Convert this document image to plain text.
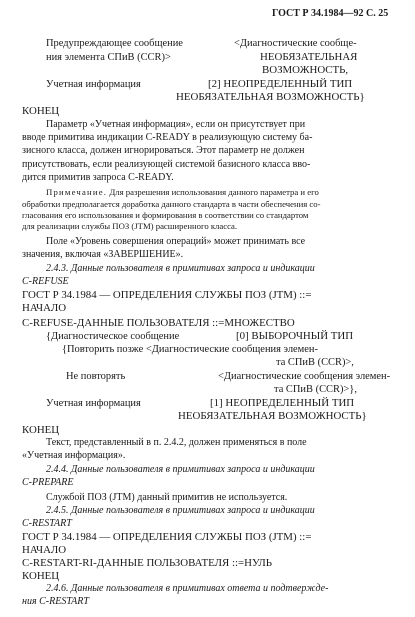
ГОСТ Р 34.1984—92 С. 25
Предупреждающее сообщение	<Диагностические сообще-
ния элемента СПиВ (CCR)>	НЕОБЯЗАТЕЛЬНАЯ
ВОЗМОЖНОСТЬ,
Учетная информация	[2] НЕОПРЕДЕЛЕННЫЙ ТИП
НЕОБЯЗАТЕЛЬНАЯ ВОЗМОЖНОСТЬ}
КОНЕЦ
Параметр «Учетная информация», если он присутствует при
вводе примитива индикации C-READY в реализующую систему ба-
зисного класса, должен игнорироваться. Этот параметр не должен
присутствовать, если реализующей системой базисного класса вво-
дится примитив запроса C-READY.
Примечание. Для разрешения использования данного параметра и его
обработки предполагается доработка данного стандарта в части обеспечения со-
гласования его использования и формирования в соответствии со стандартом
для реализации службы ПОЗ (JTM) расширенного класса.
Поле «Уровень совершения операций» может принимать все
значения, включая «ЗАВЕРШЕНИЕ».
2.4.3. Данные пользователя в примитивах запроса и индикации
C-REFUSE
ГОСТ Р 34.1984 — ОПРЕДЕЛЕНИЯ СЛУЖБЫ ПОЗ (JTM) ::=
НАЧАЛО
C-REFUSE-ДАННЫЕ ПОЛЬЗОВАТЕЛЯ ::=МНОЖЕСТВО
{Диагностическое сообщение	[0] ВЫБОРОЧНЫЙ ТИП
{Повторить позже <Диагностические сообщения элемен-
та СПиВ (CCR)>,
Не повторять	<Диагностические сообщения элемен-
та СПиВ (CCR)>},
Учетная информация	[1] НЕОПРЕДЕЛЕННЫЙ ТИП
НЕОБЯЗАТЕЛЬНАЯ ВОЗМОЖНОСТЬ}
КОНЕЦ
Текст, представленный в п. 2.4.2, должен применяться в поле
«Учетная информация».
2.4.4. Данные пользователя в примитивах запроса и индикации
C-PREPARE
Службой ПОЗ (JTM) данный примитив не используется.
2.4.5. Данные пользователя в примитивах запроса и индикации
C-RESTART
ГОСТ Р 34.1984 — ОПРЕДЕЛЕНИЯ СЛУЖБЫ ПОЗ (JTM) ::=
НАЧАЛО
C-RESTART-RI-ДАННЫЕ ПОЛЬЗОВАТЕЛЯ ::=НУЛЬ
КОНЕЦ
2.4.6. Данные пользователя в примитивах ответа и подтвержде-
ния C-RESTART
